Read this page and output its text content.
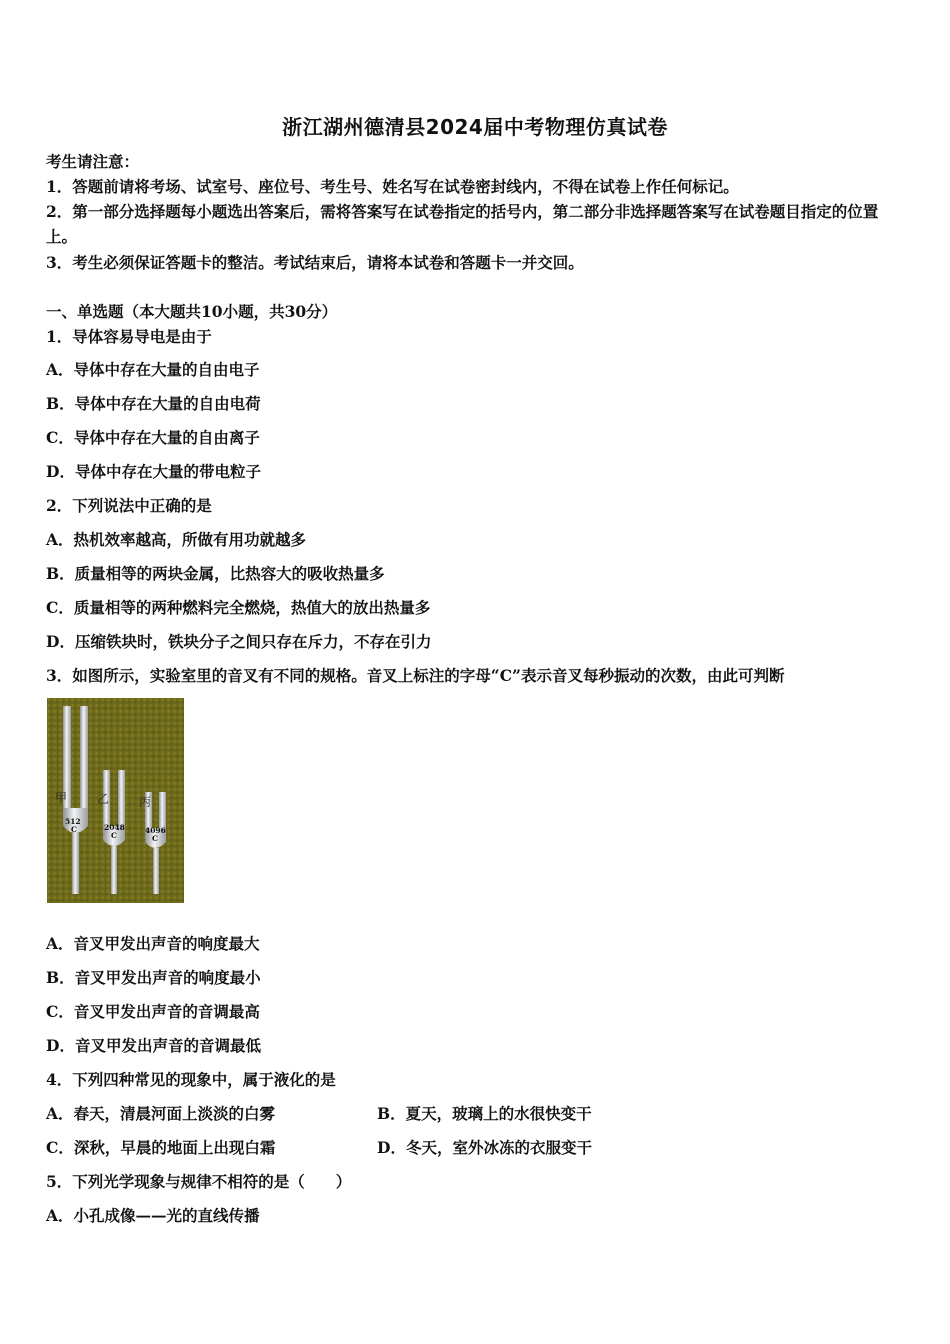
浙江湖州德清县2024届中考物理仿真试卷
考生请注意：
1．答题前请将考场、试室号、座位号、考生号、姓名写在试卷密封线内，不得在试卷上作任何标记。
2．第一部分选择题每小题选出答案后，需将答案写在试卷指定的括号内，第二部分非选择题答案写在试卷题目指定的位置上。
3．考生必须保证答题卡的整洁。考试结束后，请将本试卷和答题卡一并交回。
一、单选题（本大题共10小题，共30分）
1．导体容易导电是由于
A．导体中存在大量的自由电子
B．导体中存在大量的自由电荷
C．导体中存在大量的自由离子
D．导体中存在大量的带电粒子
2．下列说法中正确的是
A．热机效率越高，所做有用功就越多
B．质量相等的两块金属，比热容大的吸收热量多
C．质量相等的两种燃料完全燃烧，热值大的放出热量多
D．压缩铁块时，铁块分子之间只存在斥力，不存在引力
3．如图所示，实验室里的音叉有不同的规格。音叉上标注的字母“C”表示音叉每秒振动的次数，由此可判断
甲
512
C
乙
2048
C
丙
4096
C
A．音叉甲发出声音的响度最大
B．音叉甲发出声音的响度最小
C．音叉甲发出声音的音调最高
D．音叉甲发出声音的音调最低
4．下列四种常见的现象中，属于液化的是
A．春天，清晨河面上淡淡的白雾	B．夏天，玻璃上的水很快变干
C．深秋，早晨的地面上出现白霜	D．冬天，室外冰冻的衣服变干
5．下列光学现象与规律不相符的是（　　）
A．小孔成像——光的直线传播
